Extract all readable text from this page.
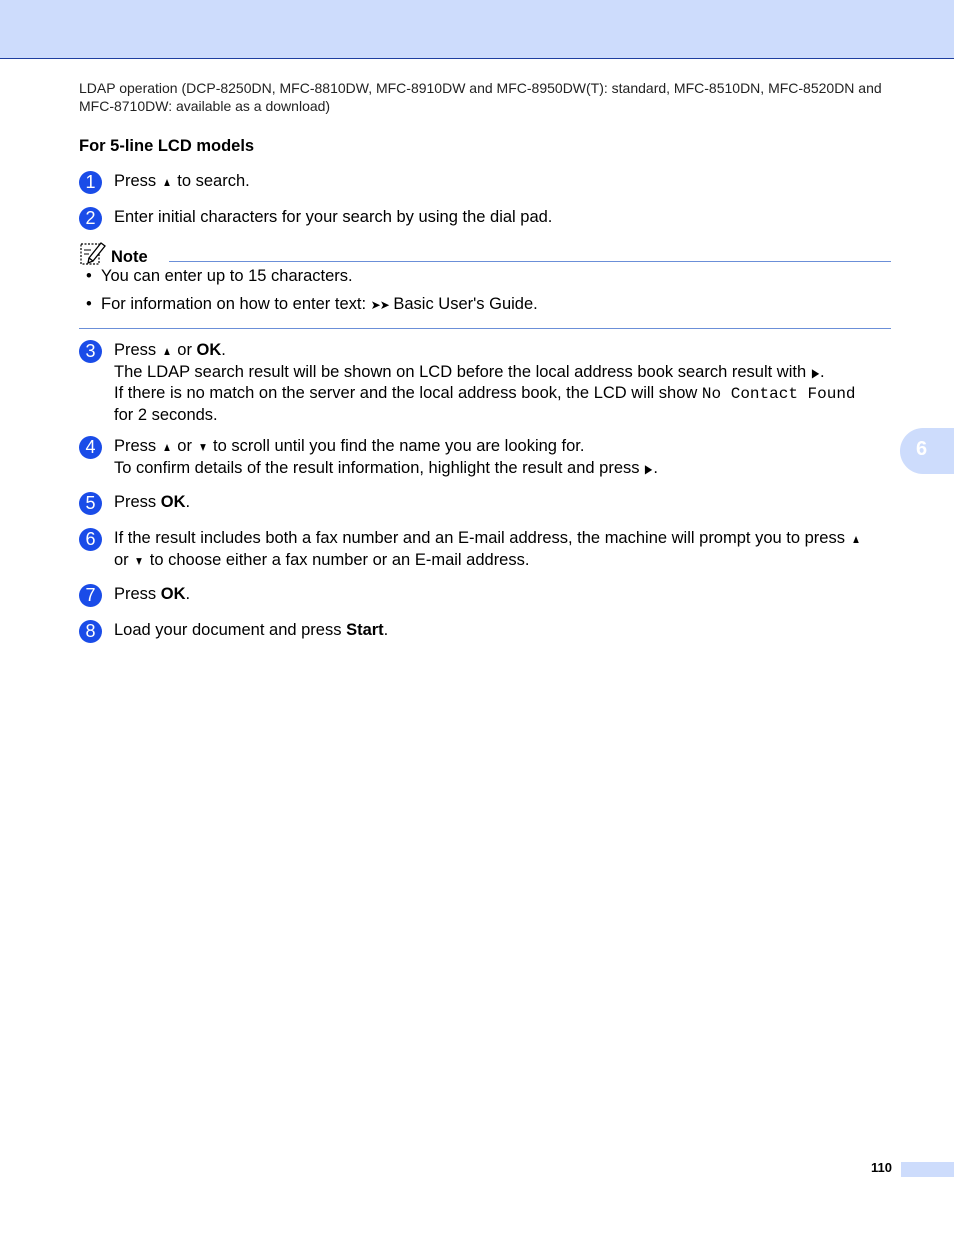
LDAP operation (DCP-8250DN, MFC-8810DW, MFC-8910DW and MFC-8950DW(T): standard, MFC-8510DN, MFC-8520DN and MFC-8710DW: available as a download)
For 5-line LCD models
1	Press ▲ to search.
2	Enter initial characters for your search by using the dial pad.
Note
• You can enter up to 15 characters.
• For information on how to enter text: ➤➤ Basic User's Guide.
3	Press ▲ or OK.
The LDAP search result will be shown on LCD before the local address book search result with ▶.
If there is no match on the server and the local address book, the LCD will show No Contact Found
for 2 seconds.
4	Press ▲ or ▼ to scroll until you find the name you are looking for.
To confirm details of the result information, highlight the result and press ▶.
5	Press OK.
6	If the result includes both a fax number and an E-mail address, the machine will prompt you to press ▲
or ▼ to choose either a fax number or an E-mail address.
7	Press OK.
8	Load your document and press Start.
6
110
